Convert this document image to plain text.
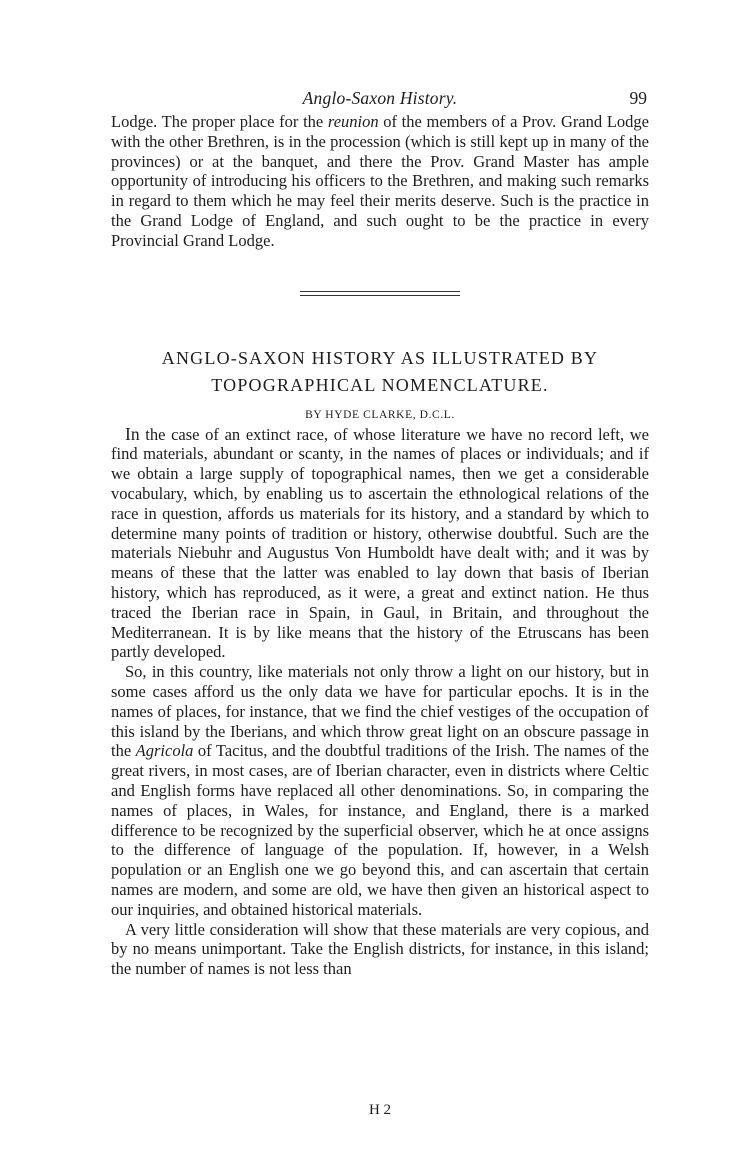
Anglo-Saxon History.	99

Lodge. The proper place for the reunion of the members of a Prov. Grand Lodge with the other Brethren, is in the procession (which is still kept up in many of the provinces) or at the banquet, and there the Prov. Grand Master has ample opportunity of introducing his officers to the Brethren, and making such remarks in regard to them which he may feel their merits deserve. Such is the practice in the Grand Lodge of England, and such ought to be the practice in every Provincial Grand Lodge.

ANGLO-SAXON HISTORY AS ILLUSTRATED BY
TOPOGRAPHICAL NOMENCLATURE.
BY HYDE CLARKE, D.C.L.

In the case of an extinct race, of whose literature we have no record left, we find materials, abundant or scanty, in the names of places or individuals; and if we obtain a large supply of topographical names, then we get a considerable vocabulary, which, by enabling us to ascertain the ethnological relations of the race in question, affords us materials for its history, and a standard by which to determine many points of tradition or history, otherwise doubtful. Such are the materials Niebuhr and Augustus Von Humboldt have dealt with; and it was by means of these that the latter was enabled to lay down that basis of Iberian history, which has reproduced, as it were, a great and extinct nation. He thus traced the Iberian race in Spain, in Gaul, in Britain, and throughout the Mediterranean. It is by like means that the history of the Etruscans has been partly developed.

So, in this country, like materials not only throw a light on our history, but in some cases afford us the only data we have for particular epochs. It is in the names of places, for instance, that we find the chief vestiges of the occupation of this island by the Iberians, and which throw great light on an obscure passage in the Agricola of Tacitus, and the doubtful traditions of the Irish. The names of the great rivers, in most cases, are of Iberian character, even in districts where Celtic and English forms have replaced all other denominations. So, in comparing the names of places, in Wales, for instance, and England, there is a marked difference to be recognized by the superficial observer, which he at once assigns to the difference of language of the population. If, however, in a Welsh population or an English one we go beyond this, and can ascertain that certain names are modern, and some are old, we have then given an historical aspect to our inquiries, and obtained historical materials.

A very little consideration will show that these materials are very copious, and by no means unimportant. Take the English districts, for instance, in this island; the number of names is not less than

H 2
